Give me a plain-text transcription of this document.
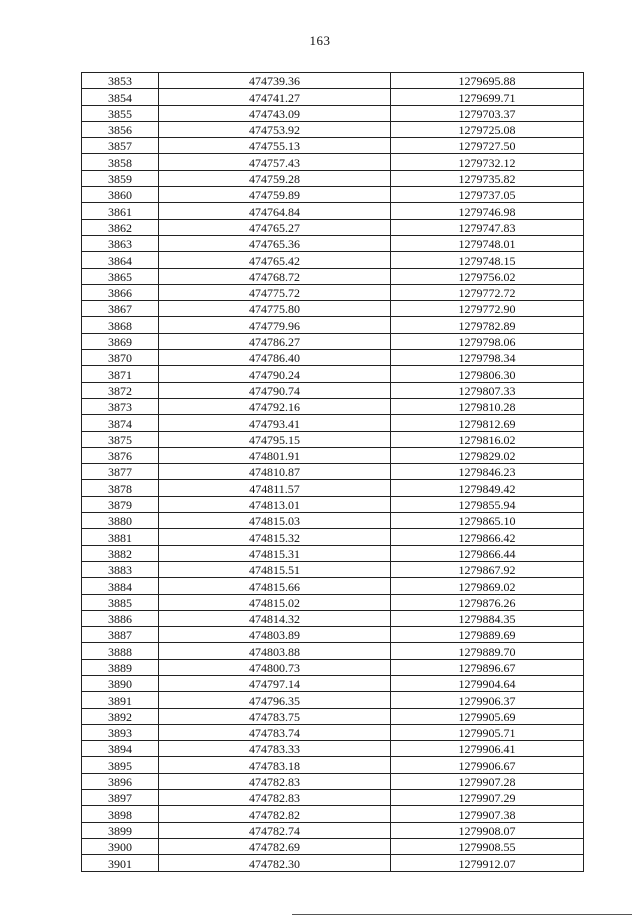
163
3853	474739.36	1279695.88
3854	474741.27	1279699.71
3855	474743.09	1279703.37
3856	474753.92	1279725.08
3857	474755.13	1279727.50
3858	474757.43	1279732.12
3859	474759.28	1279735.82
3860	474759.89	1279737.05
3861	474764.84	1279746.98
3862	474765.27	1279747.83
3863	474765.36	1279748.01
3864	474765.42	1279748.15
3865	474768.72	1279756.02
3866	474775.72	1279772.72
3867	474775.80	1279772.90
3868	474779.96	1279782.89
3869	474786.27	1279798.06
3870	474786.40	1279798.34
3871	474790.24	1279806.30
3872	474790.74	1279807.33
3873	474792.16	1279810.28
3874	474793.41	1279812.69
3875	474795.15	1279816.02
3876	474801.91	1279829.02
3877	474810.87	1279846.23
3878	474811.57	1279849.42
3879	474813.01	1279855.94
3880	474815.03	1279865.10
3881	474815.32	1279866.42
3882	474815.31	1279866.44
3883	474815.51	1279867.92
3884	474815.66	1279869.02
3885	474815.02	1279876.26
3886	474814.32	1279884.35
3887	474803.89	1279889.69
3888	474803.88	1279889.70
3889	474800.73	1279896.67
3890	474797.14	1279904.64
3891	474796.35	1279906.37
3892	474783.75	1279905.69
3893	474783.74	1279905.71
3894	474783.33	1279906.41
3895	474783.18	1279906.67
3896	474782.83	1279907.28
3897	474782.83	1279907.29
3898	474782.82	1279907.38
3899	474782.74	1279908.07
3900	474782.69	1279908.55
3901	474782.30	1279912.07
